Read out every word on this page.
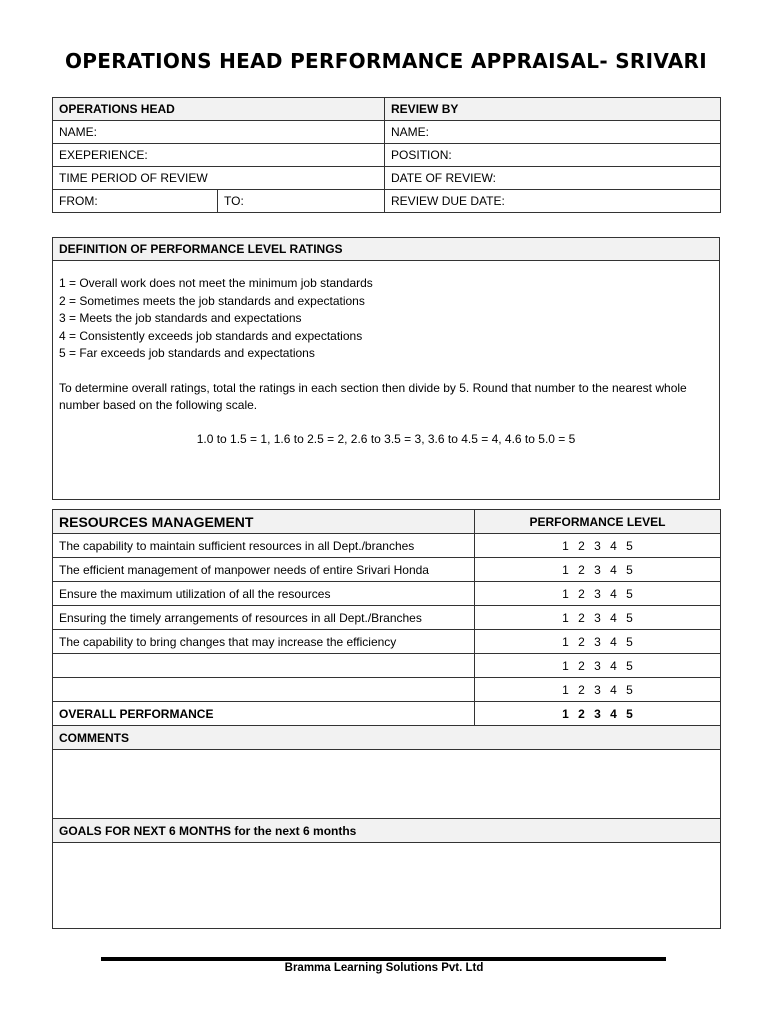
OPERATIONS HEAD PERFORMANCE APPRAISAL- SRIVARI
OPERATIONS HEAD		REVIEW BY
NAME:		NAME:
EXEPERIENCE:		POSITION:
TIME PERIOD OF REVIEW		DATE OF REVIEW:
FROM:	TO:	REVIEW DUE DATE:
DEFINITION OF PERFORMANCE LEVEL RATINGS

1 = Overall work does not meet the minimum job standards

2 = Sometimes meets the job standards and expectations

3 = Meets the job standards and expectations

4 = Consistently exceeds job standards and expectations

5 = Far exceeds job standards and expectations

To determine overall ratings, total the ratings in each section then divide by 5. Round that number to the nearest whole number based on the following scale.

1.0 to 1.5 = 1, 1.6 to 2.5 = 2, 2.6 to 3.5 = 3, 3.6 to 4.5 = 4, 4.6 to 5.0 = 5

RESOURCES MANAGEMENT	PERFORMANCE LEVEL
The capability to maintain sufficient resources in all Dept./branches	1 2 3 4 5
The efficient management of manpower needs of entire Srivari Honda	1 2 3 4 5
Ensure the maximum utilization of all the resources	1 2 3 4 5
Ensuring the timely arrangements of resources in all Dept./Branches	1 2 3 4 5
The capability to bring changes that may increase the efficiency	1 2 3 4 5
	1 2 3 4 5
	1 2 3 4 5
OVERALL PERFORMANCE	1 2 3 4 5
COMMENTS	

GOALS FOR NEXT 6 MONTHS for the next 6 months	

Bramma Learning Solutions Pvt. Ltd
